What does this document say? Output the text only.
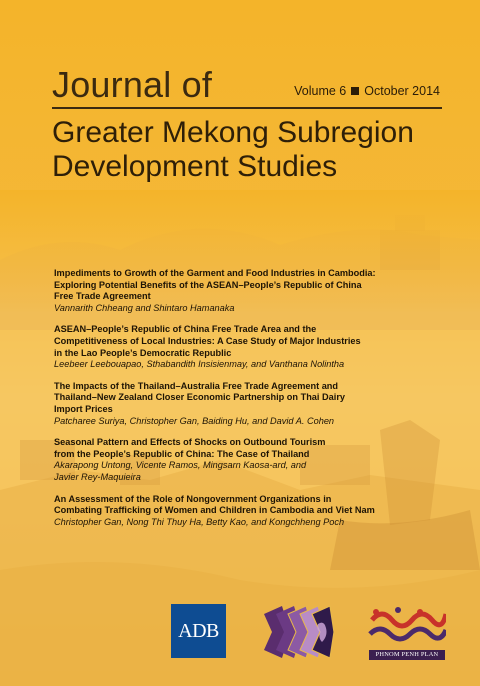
Journal of	Volume 6 October 2014
Greater Mekong Subregion
Development Studies
Impediments to Growth of the Garment and Food Industries in Cambodia:
Exploring Potential Benefits of the ASEAN–People’s Republic of China
Free Trade Agreement
Vannarith Chheang and Shintaro Hamanaka
ASEAN–People’s Republic of China Free Trade Area and the
Competitiveness of Local Industries: A Case Study of Major Industries
in the Lao People’s Democratic Republic
Leebeer Leebouapao, Sthabandith Insisienmay, and Vanthana Nolintha
The Impacts of the Thailand–Australia Free Trade Agreement and
Thailand–New Zealand Closer Economic Partnership on Thai Dairy
Import Prices
Patcharee Suriya, Christopher Gan, Baiding Hu, and David A. Cohen
Seasonal Pattern and Effects of Shocks on Outbound Tourism
from the People’s Republic of China: The Case of Thailand
Akarapong Untong, Vicente Ramos, Mingsarn Kaosa-ard, and
Javier Rey-Maquieira
An Assessment of the Role of Nongovernment Organizations in
Combating Trafficking of Women and Children in Cambodia and Viet Nam
Christopher Gan, Nong Thi Thuy Ha, Betty Kao, and Kongchheng Poch
ADB
PHNOM PENH PLAN
